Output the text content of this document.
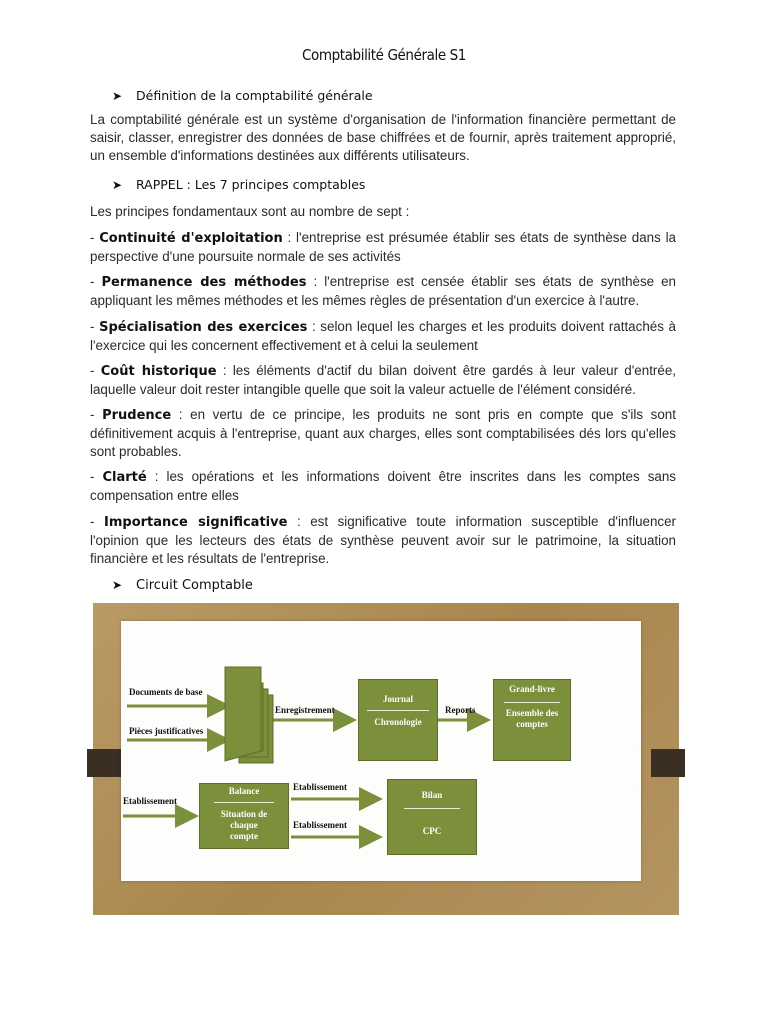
Comptabilité Générale S1
➤ Définition de la comptabilité générale
La comptabilité générale est un système d'organisation de l'information financière permettant de saisir, classer, enregistrer des données de base chiffrées et de fournir, après traitement approprié, un ensemble d'informations destinées aux différents utilisateurs.
➤ RAPPEL : Les 7 principes comptables
Les principes fondamentaux sont au nombre de sept :
- Continuité d'exploitation : l'entreprise est présumée établir ses états de synthèse dans la perspective d'une poursuite normale de ses activités
- Permanence des méthodes : l'entreprise est censée établir ses états de synthèse en appliquant les mêmes méthodes et les mêmes règles de présentation d'un exercice à l'autre.
- Spécialisation des exercices : selon lequel les charges et les produits doivent rattachés à l'exercice qui les concernent effectivement et à celui la seulement
- Coût historique : les éléments d'actif du bilan doivent être gardés à leur valeur d'entrée, laquelle valeur doit rester intangible quelle que soit la valeur actuelle de l'élément considéré.
- Prudence : en vertu de ce principe, les produits ne sont pris en compte que s'ils sont définitivement acquis à l'entreprise, quant aux charges, elles sont comptabilisées dés lors qu'elles sont probables.
- Clarté : les opérations et les informations doivent être inscrites dans les comptes sans compensation entre elles
- Importance significative : est significative toute information susceptible d'influencer l'opinion que les lecteurs des états de synthèse peuvent avoir sur le patrimoine, la situation financière et les résultats de l'entreprise.
➤ Circuit Comptable
Documents de base
Pièces justificatives
Enregistrement	Reports
Etablissement
Etablissement
Etablissement
Journal
Chronologie
Grand-livre
Ensemble des
comptes
Balance
Situation de
chaque
compte
Bilan
CPC
